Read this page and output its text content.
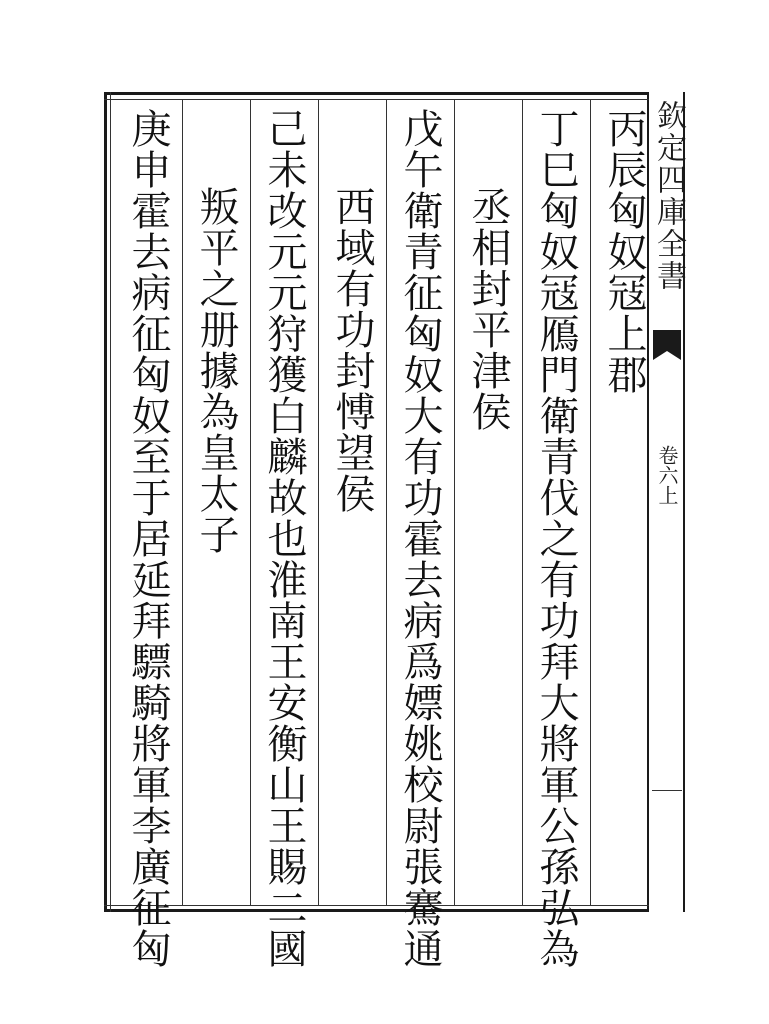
丙辰匈奴冦上郡
丁巳匈奴冦鴈門衛青伐之有功拜大將軍公孫弘為
丞相封平津侯
戊午衛青征匈奴大有功霍去病爲嫖姚校尉張騫通
西域有功封愽望侯
己未改元元狩獲白麟故也淮南王安衡山王賜二國
叛平之册據為皇太子
庚申霍去病征匈奴至于居延拜驃騎將軍李廣征匈	欽定四庫全書
卷六上
